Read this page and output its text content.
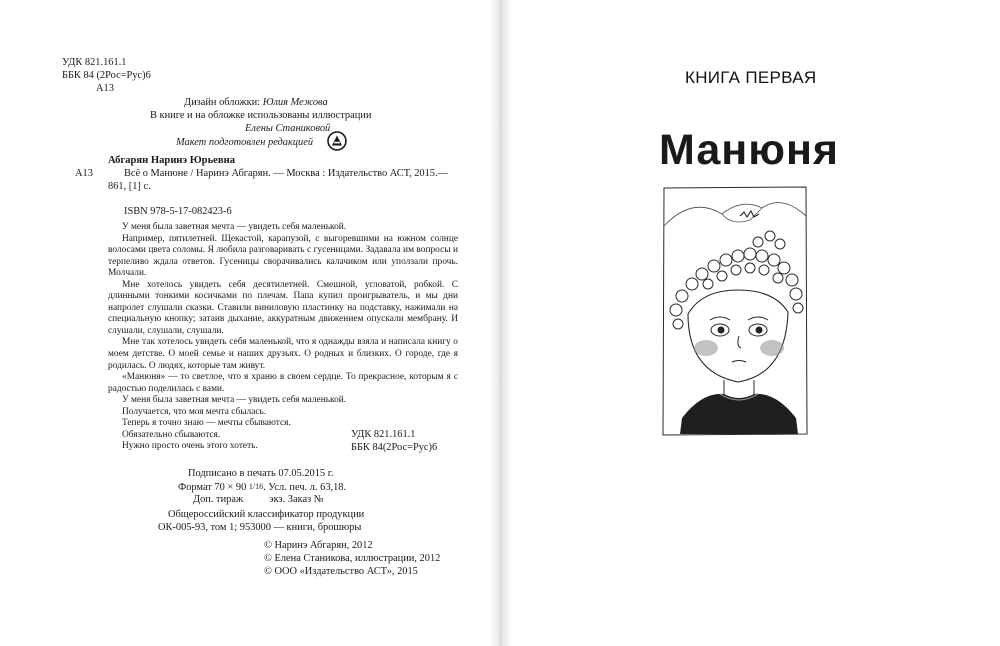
УДК 821.161.1
ББК 84 (2Рос=Рус)6
А13
Дизайн обложки: Юлия Межова
В книге и на обложке использованы иллюстрации
Елены Станиковой
Макет подготовлен редакцией
А13
Абгарян Наринэ Юрьевна
Всё о Манюне / Наринэ Абгарян. — Москва : Издательство АСТ, 2015.—
861, [1] с.
ISBN 978-5-17-082423-6

У меня была заветная мечта — увидеть себя маленькой.

Например, пятилетней. Щекастой, карапузой, с выгоревшими на южном солнце волосами цвета соломы. Я любила разговаривать с гусеницами. Задавала им вопросы и терпеливо ждала ответов. Гусеницы сворачивались калачиком или уползали прочь. Молчали.

Мне хотелось увидеть себя десятилетней. Смешной, угловатой, робкой. С длинными тонкими косичками по плечам. Папа купил проигрыватель, и мы дни напролет слушали сказки. Ставили виниловую пластинку на подставку, нажимали на специальную кнопку; затаив дыхание, аккуратным движением опускали мембрану. И слушали, слушали, слушали.

Мне так хотелось увидеть себя маленькой, что я однажды взяла и написала книгу о моем детстве. О моей семье и наших друзьях. О родных и близких. О городе, где я родилась. О людях, которые там живут.

«Манюня» — то светлое, что я храню в своем сердце. То прекрасное, которым я с радостью поделилась с вами.

У меня была заветная мечта — увидеть себя маленькой.

Получается, что моя мечта сбылась.

Теперь я точно знаю — мечты сбываются.

Обязательно сбываются.

Нужно просто очень этого хотеть.

УДК 821.161.1
ББК 84(2Рос=Рус)6
Подписано в печать 07.05.2015 г.
Формат 70 × 90 1/16. Усл. печ. л. 63,18.
Доп. тираж          экз. Заказ №
Общероссийский классификатор продукции
ОК-005-93, том 1; 953000 — книги, брошюры
© Наринэ Абгарян, 2012
© Елена Станикова, иллюстрации, 2012
© ООО «Издательство АСТ», 2015
КНИГА ПЕРВАЯ
Манюня
